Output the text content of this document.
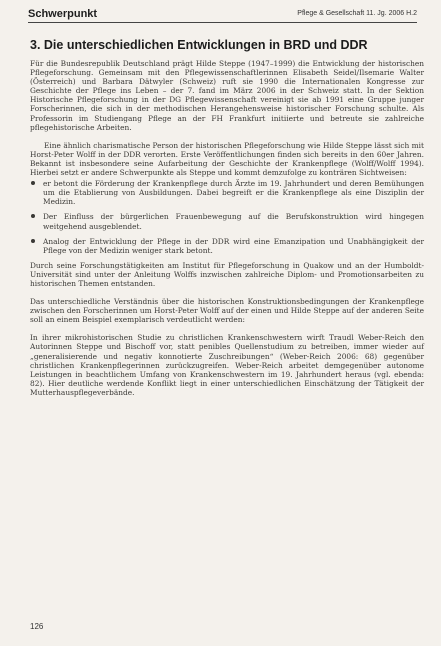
Schwerpunkt	Pflege & Gesellschaft 11. Jg. 2006 H.2
3. Die unterschiedlichen Entwicklungen in BRD und DDR

Für die Bundesrepublik Deutschland prägt Hilde Steppe (1947–1999) die Entwicklung der historischen Pflegeforschung. Gemeinsam mit den Pflegewissenschaftlerinnen Elisabeth Seidel/Ilsemarie Walter (Österreich) und Barbara Dätwyler (Schweiz) ruft sie 1990 die Internationalen Kongresse zur Geschichte der Pflege ins Leben – der 7. fand im März 2006 in der Schweiz statt. In der Sektion Historische Pflegeforschung in der DG Pflegewissenschaft vereinigt sie ab 1991 eine Gruppe junger Forscherinnen, die sich in der methodischen Herangehensweise historischer Forschung schulte. Als Professorin im Studiengang Pflege an der FH Frankfurt initiierte und betreute sie zahlreiche pflegehistorische Arbeiten.

Eine ähnlich charismatische Person der historischen Pflegeforschung wie Hilde Steppe lässt sich mit Horst-Peter Wolff in der DDR verorten. Erste Veröffentlichungen finden sich bereits in den 60er Jahren. Bekannt ist insbesondere seine Aufarbeitung der Geschichte der Krankenpflege (Wolff/Wolff 1994). Hierbei setzt er andere Schwerpunkte als Steppe und kommt demzufolge zu konträren Sichtweisen:

er betont die Förderung der Krankenpflege durch Ärzte im 19. Jahrhundert und deren Bemühungen um die Etablierung von Ausbildungen. Dabei begreift er die Krankenpflege als eine Disziplin der Medizin.
Der Einfluss der bürgerlichen Frauenbewegung auf die Berufskonstruktion wird hingegen weitgehend ausgeblendet.
Analog der Entwicklung der Pflege in der DDR wird eine Emanzipation und Unabhängigkeit der Pflege von der Medizin weniger stark betont.

Durch seine Forschungstätigkeiten am Institut für Pflegeforschung in Quakow und an der Humboldt-Universität sind unter der Anleitung Wolffs inzwischen zahlreiche Diplom- und Promotionsarbeiten zu historischen Themen entstanden.

Das unterschiedliche Verständnis über die historischen Konstruktionsbedingungen der Krankenpflege zwischen den Forscherinnen um Horst-Peter Wolff auf der einen und Hilde Steppe auf der anderen Seite soll an einem Beispiel exemplarisch verdeutlicht werden:

In ihrer mikrohistorischen Studie zu christlichen Krankenschwestern wirft Traudl Weber-Reich den Autorinnen Steppe und Bischoff vor, statt penibles Quellenstudium zu betreiben, immer wieder auf „generalisierende und negativ konnotierte Zuschreibungen“ (Weber-Reich 2006: 68) gegenüber christlichen Krankenpflegerinnen zurückzugreifen. Weber-Reich arbeitet demgegenüber autonome Leistungen in beachtlichem Umfang von Krankenschwestern im 19. Jahrhundert heraus (vgl. ebenda: 82). Hier deutliche werdende Konflikt liegt in einer unterschiedlichen Einschätzung der Tätigkeit der Mutterhauspflegeverbände.

126
